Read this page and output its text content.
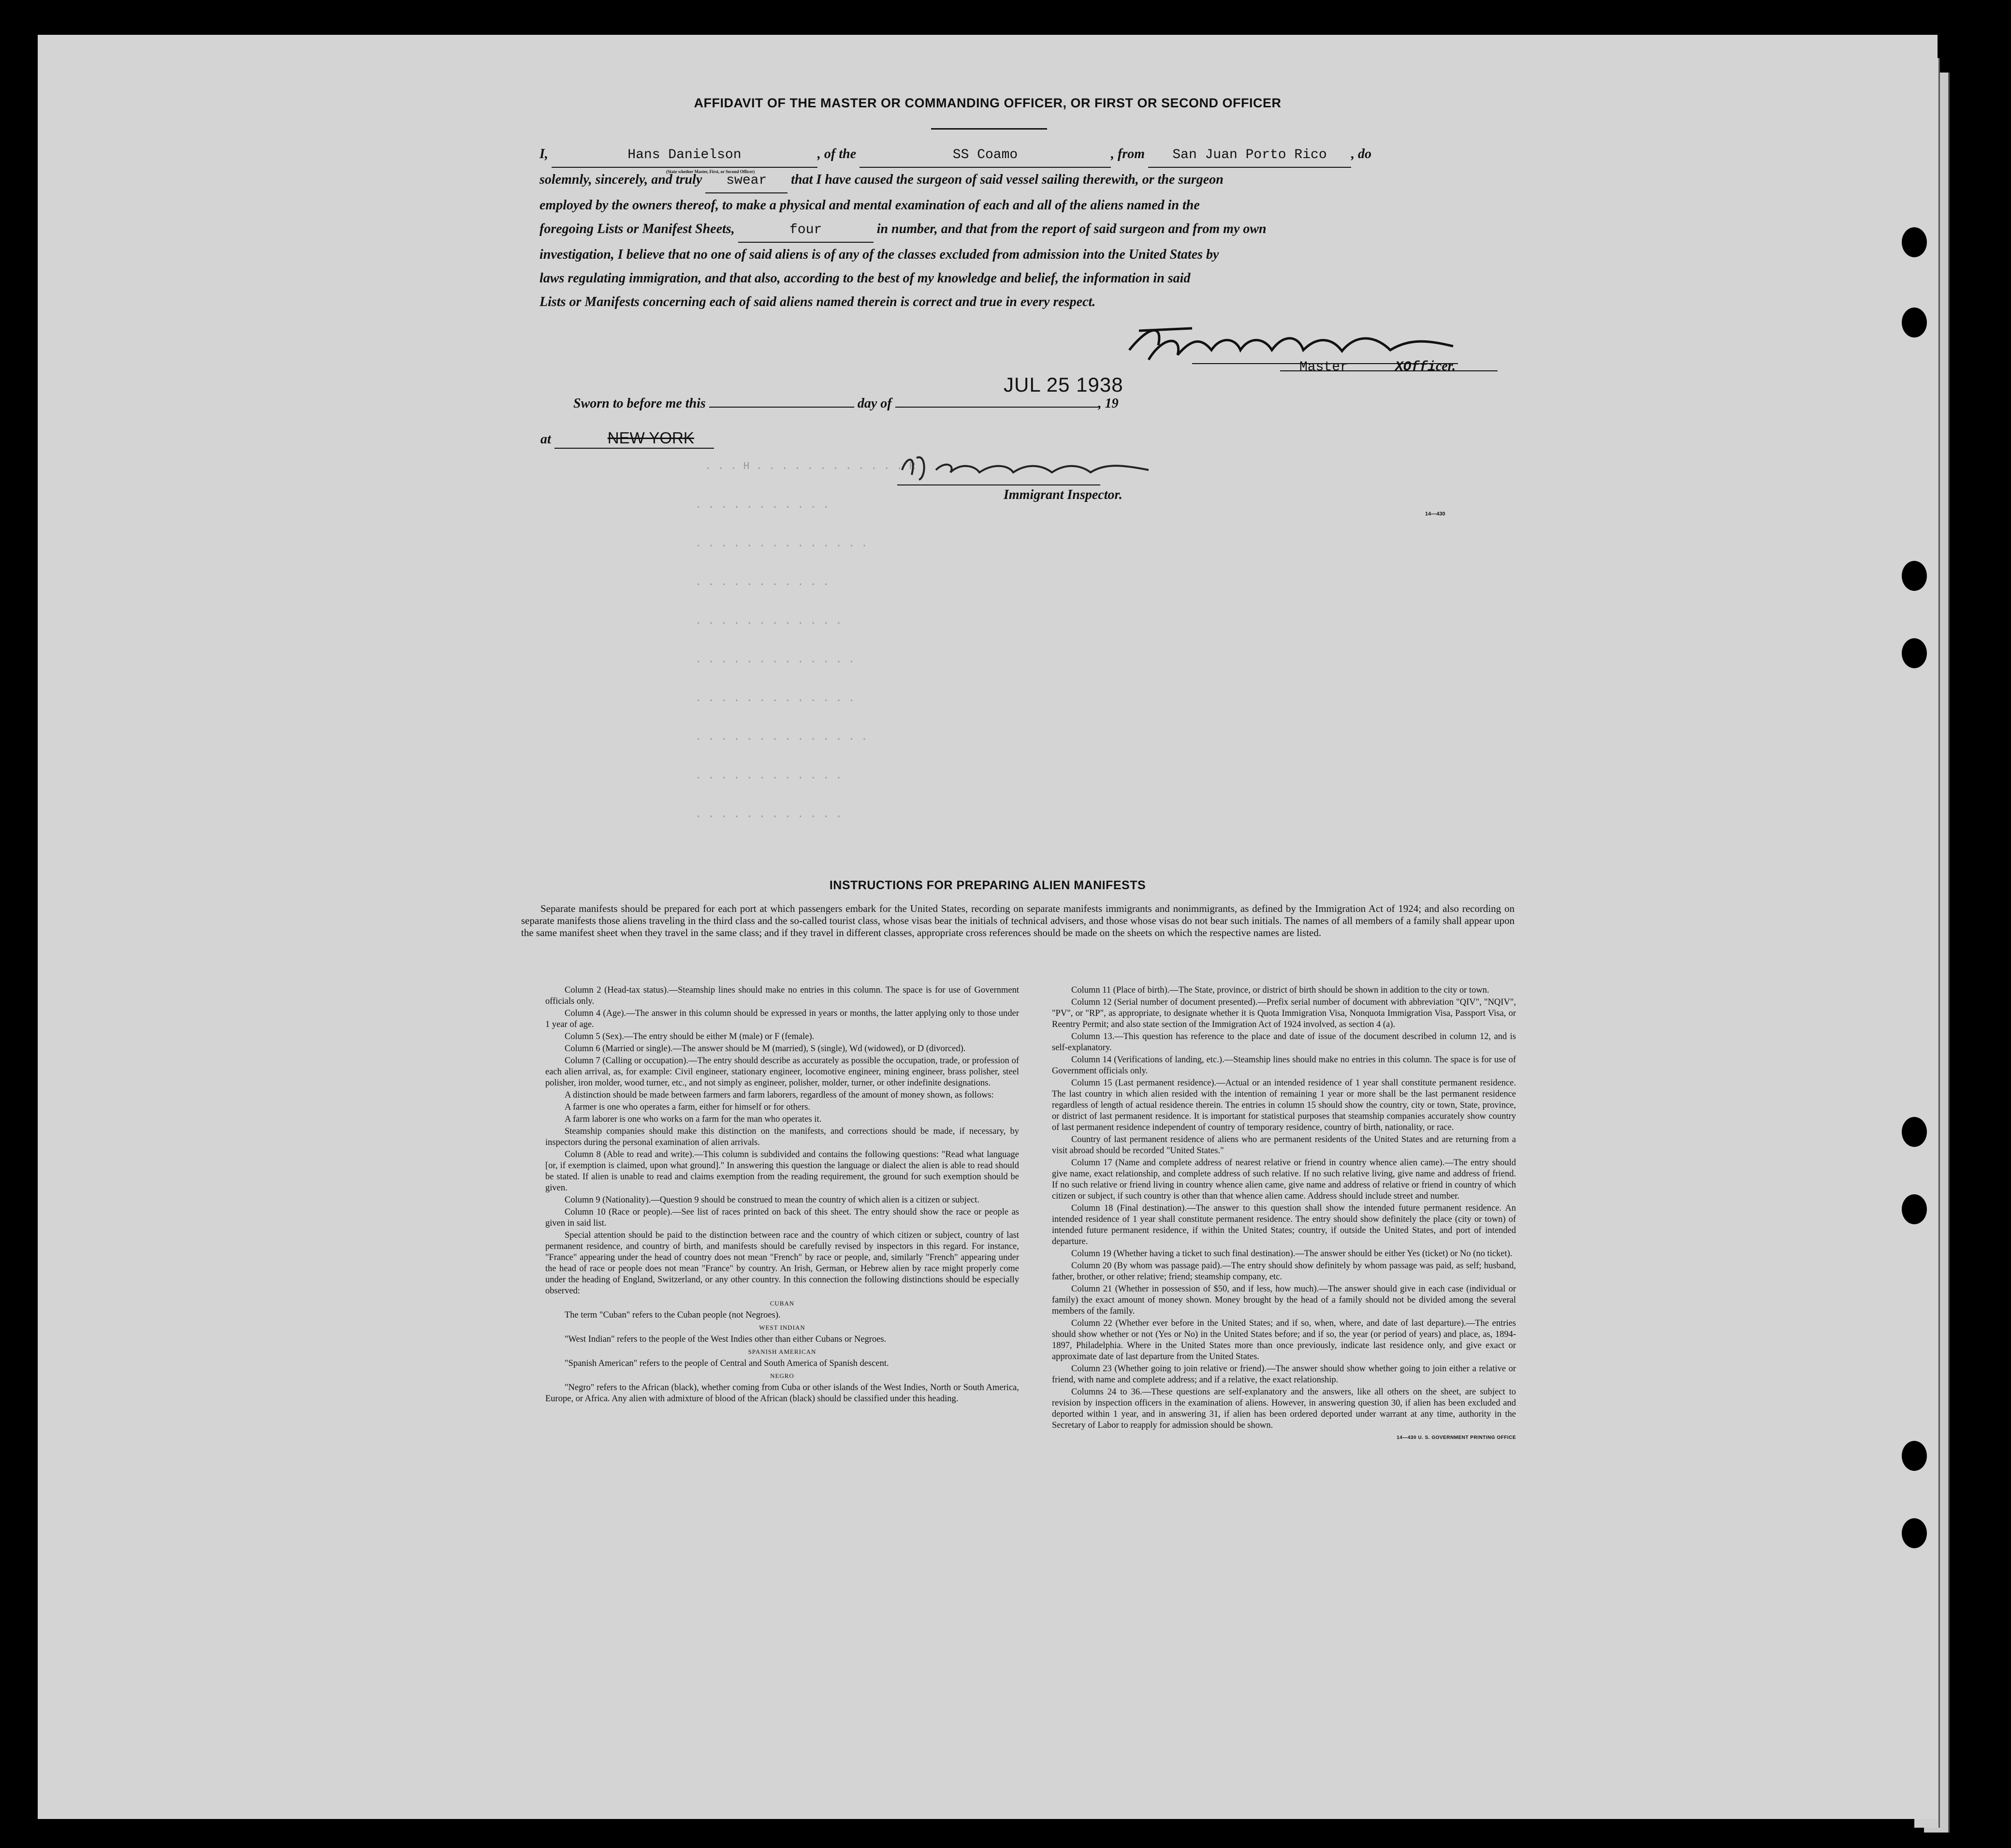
. . . H . . . . . . . . . . . . R
. . . . . . . . . . .
. . . . . . . . . . . . . .
. . . . . . . . . . .
. . . . . . . . . . . .
. . . . . . . . . . . . .
. . . . . . . . . . . . .
. . . . . . . . . . . . . .
. . . . . . . . . . . .
. . . . . . . . . . . .
AFFIDAVIT OF THE MASTER OR COMMANDING OFFICER, OR FIRST OR SECOND OFFICER
I,	Hans Danielson	, of the	SS Coamo	, from San Juan Porto Rico , do
solemnly, sincerely, and truly swear that I have caused the surgeon of said vessel sailing therewith, or the surgeon
employed by the owners thereof, to make a physical and mental examination of each and all of the aliens named in the
foregoing Lists or Manifest Sheets,	four	in number, and that from the report of said surgeon and from my own
investigation, I believe that no one of said aliens is of any of the classes excluded from admission into the United States by
laws regulating immigration, and that also, according to the best of my knowledge and belief, the information in said
Lists or Manifests concerning each of said aliens named therein is correct and true in every respect.
(State whether Master, First, or Second Officer)
Master	XOfficer.
JUL 25 1938
Sworn to before me this	day of	, 19
at	NEW YORK
Immigrant Inspector.
14—430
INSTRUCTIONS FOR PREPARING ALIEN MANIFESTS

Separate manifests should be prepared for each port at which passengers embark for the United States, recording on separate manifests immigrants and nonimmigrants, as defined by the Immigration Act of 1924; and also recording on separate manifests those aliens traveling in the third class and the so-called tourist class, whose visas bear the initials of technical advisers, and those whose visas do not bear such initials. The names of all members of a family shall appear upon the same manifest sheet when they travel in the same class; and if they travel in different classes, appropriate cross references should be made on the sheets on which the respective names are listed.

Column 2 (Head-tax status).—Steamship lines should make no entries in this column. The space is for use of Government officials only.

Column 4 (Age).—The answer in this column should be expressed in years or months, the latter applying only to those under 1 year of age.

Column 5 (Sex).—The entry should be either M (male) or F (female).

Column 6 (Married or single).—The answer should be M (married), S (single), Wd (widowed), or D (divorced).

Column 7 (Calling or occupation).—The entry should describe as accurately as possible the occupation, trade, or profession of each alien arrival, as, for example: Civil engineer, stationary engineer, locomotive engineer, mining engineer, brass polisher, steel polisher, iron molder, wood turner, etc., and not simply as engineer, polisher, molder, turner, or other indefinite designations.

A distinction should be made between farmers and farm laborers, regardless of the amount of money shown, as follows:

A farmer is one who operates a farm, either for himself or for others.

A farm laborer is one who works on a farm for the man who operates it.

Steamship companies should make this distinction on the manifests, and corrections should be made, if necessary, by inspectors during the personal examination of alien arrivals.

Column 8 (Able to read and write).—This column is subdivided and contains the following questions: "Read what language [or, if exemption is claimed, upon what ground]." In answering this question the language or dialect the alien is able to read should be stated. If alien is unable to read and claims exemption from the reading requirement, the ground for such exemption should be given.

Column 9 (Nationality).—Question 9 should be construed to mean the country of which alien is a citizen or subject.

Column 10 (Race or people).—See list of races printed on back of this sheet. The entry should show the race or people as given in said list.

Special attention should be paid to the distinction between race and the country of which citizen or subject, country of last permanent residence, and country of birth, and manifests should be carefully revised by inspectors in this regard. For instance, "France" appearing under the head of country does not mean "French" by race or people, and, similarly "French" appearing under the head of race or people does not mean "France" by country. An Irish, German, or Hebrew alien by race might properly come under the heading of England, Switzerland, or any other country. In this connection the following distinctions should be especially observed:

CUBAN

The term "Cuban" refers to the Cuban people (not Negroes).

WEST INDIAN

"West Indian" refers to the people of the West Indies other than either Cubans or Negroes.

SPANISH AMERICAN

"Spanish American" refers to the people of Central and South America of Spanish descent.

NEGRO

"Negro" refers to the African (black), whether coming from Cuba or other islands of the West Indies, North or South America, Europe, or Africa. Any alien with admixture of blood of the African (black) should be classified under this heading.

Column 11 (Place of birth).—The State, province, or district of birth should be shown in addition to the city or town.

Column 12 (Serial number of document presented).—Prefix serial number of document with abbreviation "QIV", "NQIV", "PV", or "RP", as appropriate, to designate whether it is Quota Immigration Visa, Nonquota Immigration Visa, Passport Visa, or Reentry Permit; and also state section of the Immigration Act of 1924 involved, as section 4 (a).

Column 13.—This question has reference to the place and date of issue of the document described in column 12, and is self-explanatory.

Column 14 (Verifications of landing, etc.).—Steamship lines should make no entries in this column. The space is for use of Government officials only.

Column 15 (Last permanent residence).—Actual or an intended residence of 1 year shall constitute permanent residence. The last country in which alien resided with the intention of remaining 1 year or more shall be the last permanent residence regardless of length of actual residence therein. The entries in column 15 should show the country, city or town, State, province, or district of last permanent residence. It is important for statistical purposes that steamship companies accurately show country of last permanent residence independent of country of temporary residence, country of birth, nationality, or race.

Country of last permanent residence of aliens who are permanent residents of the United States and are returning from a visit abroad should be recorded "United States."

Column 17 (Name and complete address of nearest relative or friend in country whence alien came).—The entry should give name, exact relationship, and complete address of such relative. If no such relative living, give name and address of friend. If no such relative or friend living in country whence alien came, give name and address of relative or friend in country of which citizen or subject, if such country is other than that whence alien came. Address should include street and number.

Column 18 (Final destination).—The answer to this question shall show the intended future permanent residence. An intended residence of 1 year shall constitute permanent residence. The entry should show definitely the place (city or town) of intended future permanent residence, if within the United States; country, if outside the United States, and port of intended departure.

Column 19 (Whether having a ticket to such final destination).—The answer should be either Yes (ticket) or No (no ticket).

Column 20 (By whom was passage paid).—The entry should show definitely by whom passage was paid, as self; husband, father, brother, or other relative; friend; steamship company, etc.

Column 21 (Whether in possession of $50, and if less, how much).—The answer should give in each case (individual or family) the exact amount of money shown. Money brought by the head of a family should not be divided among the several members of the family.

Column 22 (Whether ever before in the United States; and if so, when, where, and date of last departure).—The entries should show whether or not (Yes or No) in the United States before; and if so, the year (or period of years) and place, as, 1894-1897, Philadelphia. Where in the United States more than once previously, indicate last residence only, and give exact or approximate date of last departure from the United States.

Column 23 (Whether going to join relative or friend).—The answer should show whether going to join either a relative or friend, with name and complete address; and if a relative, the exact relationship.

Columns 24 to 36.—These questions are self-explanatory and the answers, like all others on the sheet, are subject to revision by inspection officers in the examination of aliens. However, in answering question 30, if alien has been excluded and deported within 1 year, and in answering 31, if alien has been ordered deported under warrant at any time, authority in the Secretary of Labor to reapply for admission should be shown.

14—430 U. S. GOVERNMENT PRINTING OFFICE
